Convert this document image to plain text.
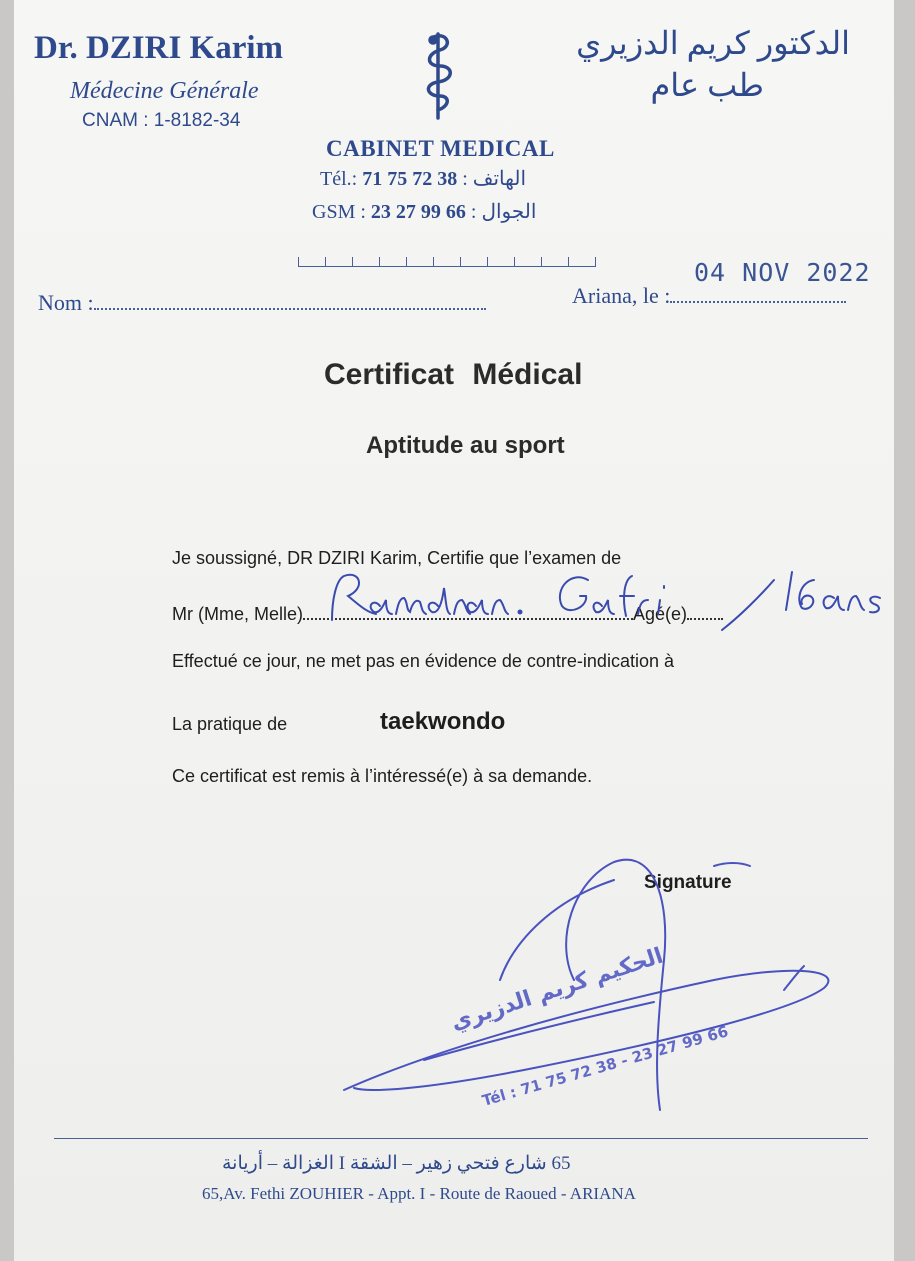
Dr. DZIRI Karim
Médecine Générale
CNAM : 1-8182-34
الدكتور كريم الدزيري
طب عام
CABINET MEDICAL
Tél.: 71 75 72 38 : الهاتف
GSM : 23 27 99 66 : الجوال
Nom :	Ariana, le :
04 NOV 2022
Certificat Médical
Aptitude au sport
Je soussigné, DR DZIRI Karim, Certifie que l’examen de
Mr (Mme, Melle)	Agé(e)
Effectué ce jour, ne met pas en évidence de contre-indication à
La pratique de	taekwondo
Ce certificat est remis à l’intéressé(e) à sa demande.
Signature
الحكيم كريم الدزيري
Tél : 71 75 72 38 - 23 27 99 66
65 شارع فتحي زهير – الشقة I الغزالة – أريانة
65,Av. Fethi ZOUHIER - Appt. I - Route de Raoued - ARIANA
